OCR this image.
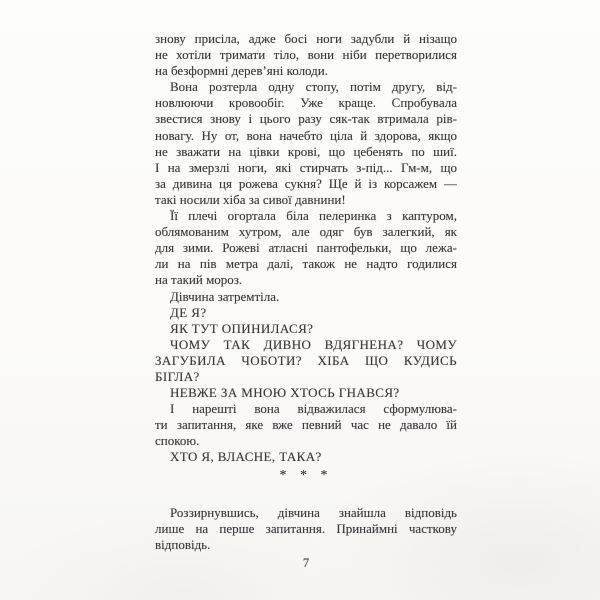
знову присіла, адже босі ноги задубли й нізащо
не хотіли тримати тіло, вони ніби перетворилися
на безформні дерев’яні колоди.
Вона розтерла одну стопу, потім другу, від-
новлюючи кровообіг. Уже краще. Спробувала
звестися знову і цього разу сяк-так втримала рів-
новагу. Ну от, вона начебто ціла й здорова, якщо
не зважати на цівки крові, що цебенять по шиї.
І на змерзлі ноги, які стирчать з-під... Гм-м, що
за дивина ця рожева сукня? Ще й із корсажем —
такі носили хіба за сивої давнини!
Її плечі огортала біла пелеринка з каптуром,
облямованим хутром, але одяг був залегкий, як
для зими. Рожеві атласні пантофельки, що лежа-
ли на пів метра далі, також не надто годилися
на такий мороз.
Дівчина затремтіла.
ДЕ Я?
ЯК ТУТ ОПИНИЛАСЯ?
ЧОМУ ТАК ДИВНО ВДЯГНЕНА? ЧОМУ
ЗАГУБИЛА ЧОБОТИ? ХІБА ЩО КУДИСЬ
БІГЛА?
НЕВЖЕ ЗА МНОЮ ХТОСЬ ГНАВСЯ?
І нарешті вона відважилася сформулюва-
ти запитання, яке вже певний час не давало їй
спокою.
ХТО Я, ВЛАСНЕ, ТАКА?
* * *
Роззирнувшись, дівчина знайшла відповідь
лише на перше запитання. Принаймні часткову
відповідь.
7
